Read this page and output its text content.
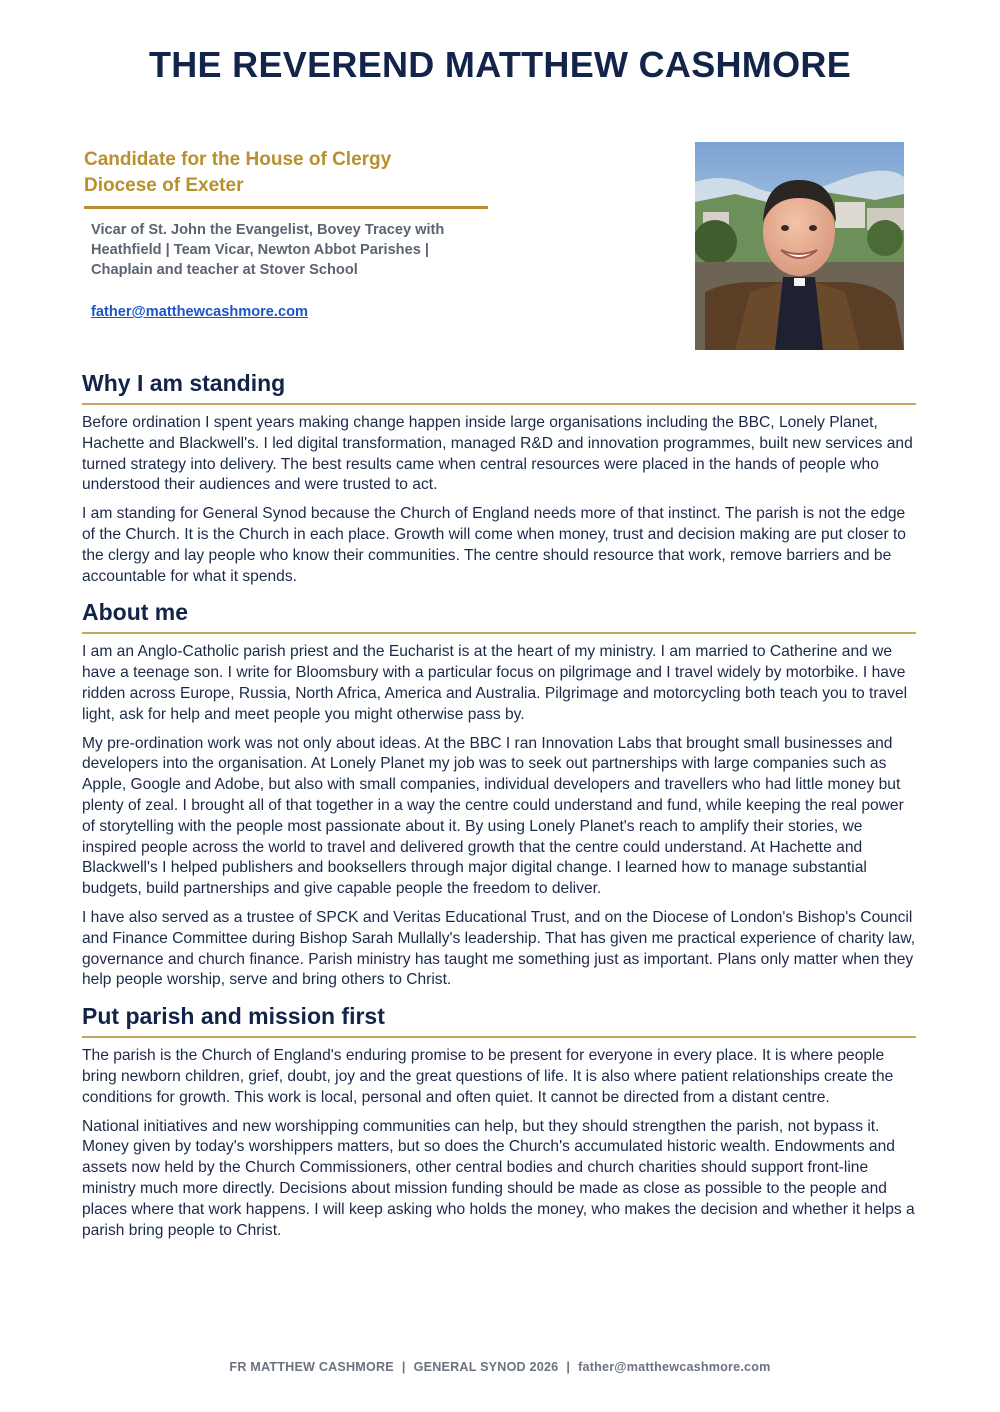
THE REVEREND MATTHEW CASHMORE
Candidate for the House of Clergy
Diocese of Exeter
Vicar of St. John the Evangelist, Bovey Tracey with Heathfield | Team Vicar, Newton Abbot Parishes | Chaplain and teacher at Stover School
father@matthewcashmore.com
Why I am standing

Before ordination I spent years making change happen inside large organisations including the BBC, Lonely Planet, Hachette and Blackwell's. I led digital transformation, managed R&D and innovation programmes, built new services and turned strategy into delivery. The best results came when central resources were placed in the hands of people who understood their audiences and were trusted to act.

I am standing for General Synod because the Church of England needs more of that instinct. The parish is not the edge of the Church. It is the Church in each place. Growth will come when money, trust and decision making are put closer to the clergy and lay people who know their communities. The centre should resource that work, remove barriers and be accountable for what it spends.

About me

I am an Anglo-Catholic parish priest and the Eucharist is at the heart of my ministry. I am married to Catherine and we have a teenage son. I write for Bloomsbury with a particular focus on pilgrimage and I travel widely by motorbike. I have ridden across Europe, Russia, North Africa, America and Australia. Pilgrimage and motorcycling both teach you to travel light, ask for help and meet people you might otherwise pass by.

My pre-ordination work was not only about ideas. At the BBC I ran Innovation Labs that brought small businesses and developers into the organisation. At Lonely Planet my job was to seek out partnerships with large companies such as Apple, Google and Adobe, but also with small companies, individual developers and travellers who had little money but plenty of zeal. I brought all of that together in a way the centre could understand and fund, while keeping the real power of storytelling with the people most passionate about it. By using Lonely Planet's reach to amplify their stories, we inspired people across the world to travel and delivered growth that the centre could understand. At Hachette and Blackwell's I helped publishers and booksellers through major digital change. I learned how to manage substantial budgets, build partnerships and give capable people the freedom to deliver.

I have also served as a trustee of SPCK and Veritas Educational Trust, and on the Diocese of London's Bishop's Council and Finance Committee during Bishop Sarah Mullally's leadership. That has given me practical experience of charity law, governance and church finance. Parish ministry has taught me something just as important. Plans only matter when they help people worship, serve and bring others to Christ.

Put parish and mission first

The parish is the Church of England's enduring promise to be present for everyone in every place. It is where people bring newborn children, grief, doubt, joy and the great questions of life. It is also where patient relationships create the conditions for growth. This work is local, personal and often quiet. It cannot be directed from a distant centre.

National initiatives and new worshipping communities can help, but they should strengthen the parish, not bypass it. Money given by today's worshippers matters, but so does the Church's accumulated historic wealth. Endowments and assets now held by the Church Commissioners, other central bodies and church charities should support front-line ministry much more directly. Decisions about mission funding should be made as close as possible to the people and places where that work happens. I will keep asking who holds the money, who makes the decision and whether it helps a parish bring people to Christ.

FR MATTHEW CASHMORE | GENERAL SYNOD 2026 | father@matthewcashmore.com
